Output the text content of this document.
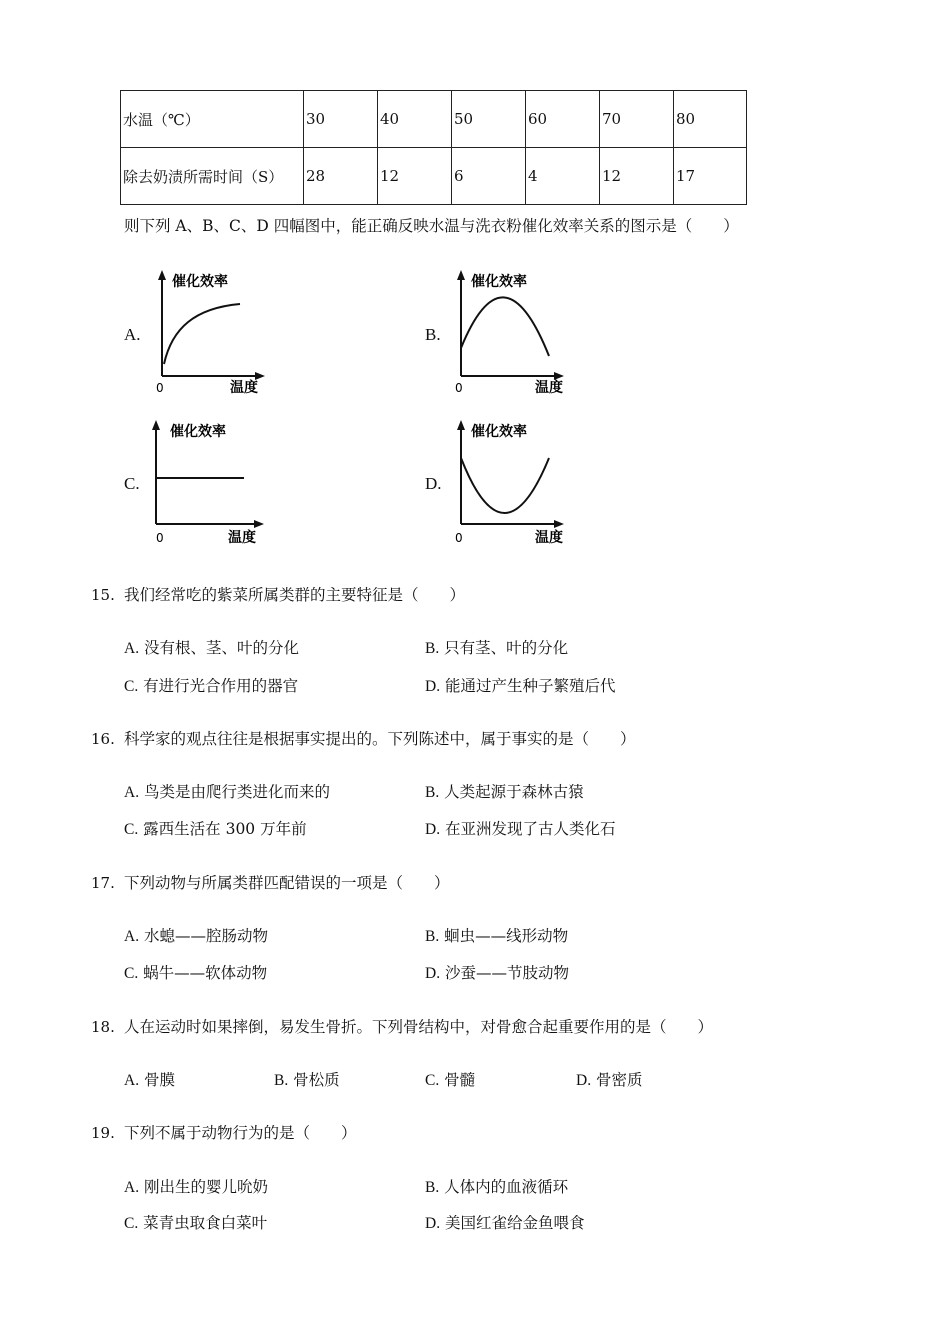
水温（℃）	30	40	50	60	70	80
除去奶渍所需时间（S）	28	12	6	4	12	17
则下列 A、B、C、D 四幅图中，能正确反映水温与洗衣粉催化效率关系的图示是（　　）
A.
催化效率
0	温度
B.
催化效率
0	温度
C.
催化效率
0	温度
D.
催化效率
0	温度
15. 我们经常吃的紫菜所属类群的主要特征是（　　）
A. 没有根、茎、叶的分化	B. 只有茎、叶的分化
C. 有进行光合作用的器官	D. 能通过产生种子繁殖后代
16. 科学家的观点往往是根据事实提出的。下列陈述中，属于事实的是（　　）
A. 鸟类是由爬行类进化而来的	B. 人类起源于森林古猿
C. 露西生活在 300 万年前	D. 在亚洲发现了古人类化石
17. 下列动物与所属类群匹配错误的一项是（　　）
A. 水螅——腔肠动物	B. 蛔虫——线形动物
C. 蜗牛——软体动物	D. 沙蚕——节肢动物
18. 人在运动时如果摔倒，易发生骨折。下列骨结构中，对骨愈合起重要作用的是（　　）
A. 骨膜	B. 骨松质	C. 骨髓	D. 骨密质
19. 下列不属于动物行为的是（　　）
A. 刚出生的婴儿吮奶	B. 人体内的血液循环
C. 菜青虫取食白菜叶	D. 美国红雀给金鱼喂食
